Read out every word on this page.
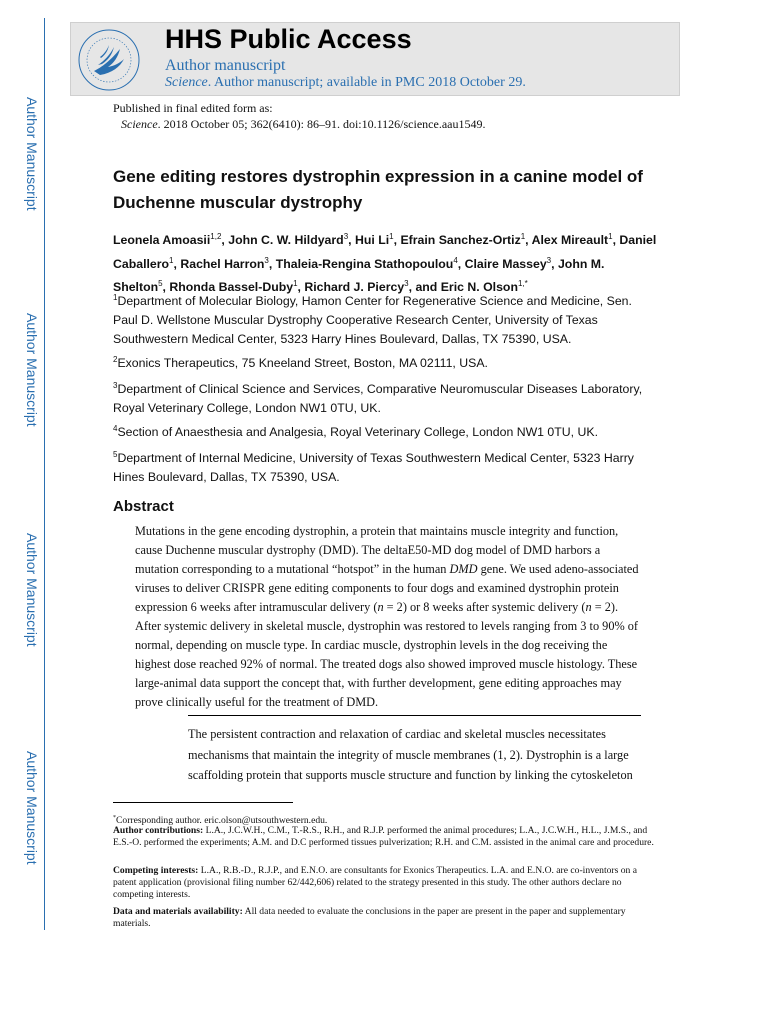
Author Manuscript
Author Manuscript
Author Manuscript
Author Manuscript
HHS Public Access
Author manuscript
Science. Author manuscript; available in PMC 2018 October 29.
Published in final edited form as:
Science. 2018 October 05; 362(6410): 86–91. doi:10.1126/science.aau1549.
Gene editing restores dystrophin expression in a canine model of Duchenne muscular dystrophy
Leonela Amoasii$^{1,2}$, John C. W. Hildyard$^3$, Hui Li$^1$, Efrain Sanchez-Ortiz$^1$, Alex Mireault$^1$, Daniel Caballero$^1$, Rachel Harron$^3$, Thaleia-Rengina Stathopoulou$^4$, Claire Massey$^3$, John M. Shelton$^5$, Rhonda Bassel-Duby$^1$, Richard J. Piercy$^3$, and Eric N. Olson$^{1,*}$
$^1$Department of Molecular Biology, Hamon Center for Regenerative Science and Medicine, Sen. Paul D. Wellstone Muscular Dystrophy Cooperative Research Center, University of Texas Southwestern Medical Center, 5323 Harry Hines Boulevard, Dallas, TX 75390, USA.
$^2$Exonics Therapeutics, 75 Kneeland Street, Boston, MA 02111, USA.
$^3$Department of Clinical Science and Services, Comparative Neuromuscular Diseases Laboratory, Royal Veterinary College, London NW1 0TU, UK.
$^4$Section of Anaesthesia and Analgesia, Royal Veterinary College, London NW1 0TU, UK.
$^5$Department of Internal Medicine, University of Texas Southwestern Medical Center, 5323 Harry Hines Boulevard, Dallas, TX 75390, USA.
Abstract

Mutations in the gene encoding dystrophin, a protein that maintains muscle integrity and function, cause Duchenne muscular dystrophy (DMD). The deltaE50-MD dog model of DMD harbors a mutation corresponding to a mutational “hotspot” in the human DMD gene. We used adeno-associated viruses to deliver CRISPR gene editing components to four dogs and examined dystrophin protein expression 6 weeks after intramuscular delivery (n = 2) or 8 weeks after systemic delivery (n = 2). After systemic delivery in skeletal muscle, dystrophin was restored to levels ranging from 3 to 90% of normal, depending on muscle type. In cardiac muscle, dystrophin levels in the dog receiving the highest dose reached 92% of normal. The treated dogs also showed improved muscle histology. These large-animal data support the concept that, with further development, gene editing approaches may prove clinically useful for the treatment of DMD.

The persistent contraction and relaxation of cardiac and skeletal muscles necessitates mechanisms that maintain the integrity of muscle membranes (1, 2). Dystrophin is a large scaffolding protein that supports muscle structure and function by linking the cytoskeleton

*Corresponding author. eric.olson@utsouthwestern.edu.

Author contributions: L.A., J.C.W.H., C.M., T.-R.S., R.H., and R.J.P. performed the animal procedures; L.A., J.C.W.H., H.L., J.M.S., and E.S.-O. performed the experiments; A.M. and D.C performed tissues pulverization; R.H. and C.M. assisted in the animal care and procedure.

Competing interests: L.A., R.B.-D., R.J.P., and E.N.O. are consultants for Exonics Therapeutics. L.A. and E.N.O. are co-inventors on a patent application (provisional filing number 62/442,606) related to the strategy presented in this study. The other authors declare no competing interests.

Data and materials availability: All data needed to evaluate the conclusions in the paper are present in the paper and supplementary materials.
